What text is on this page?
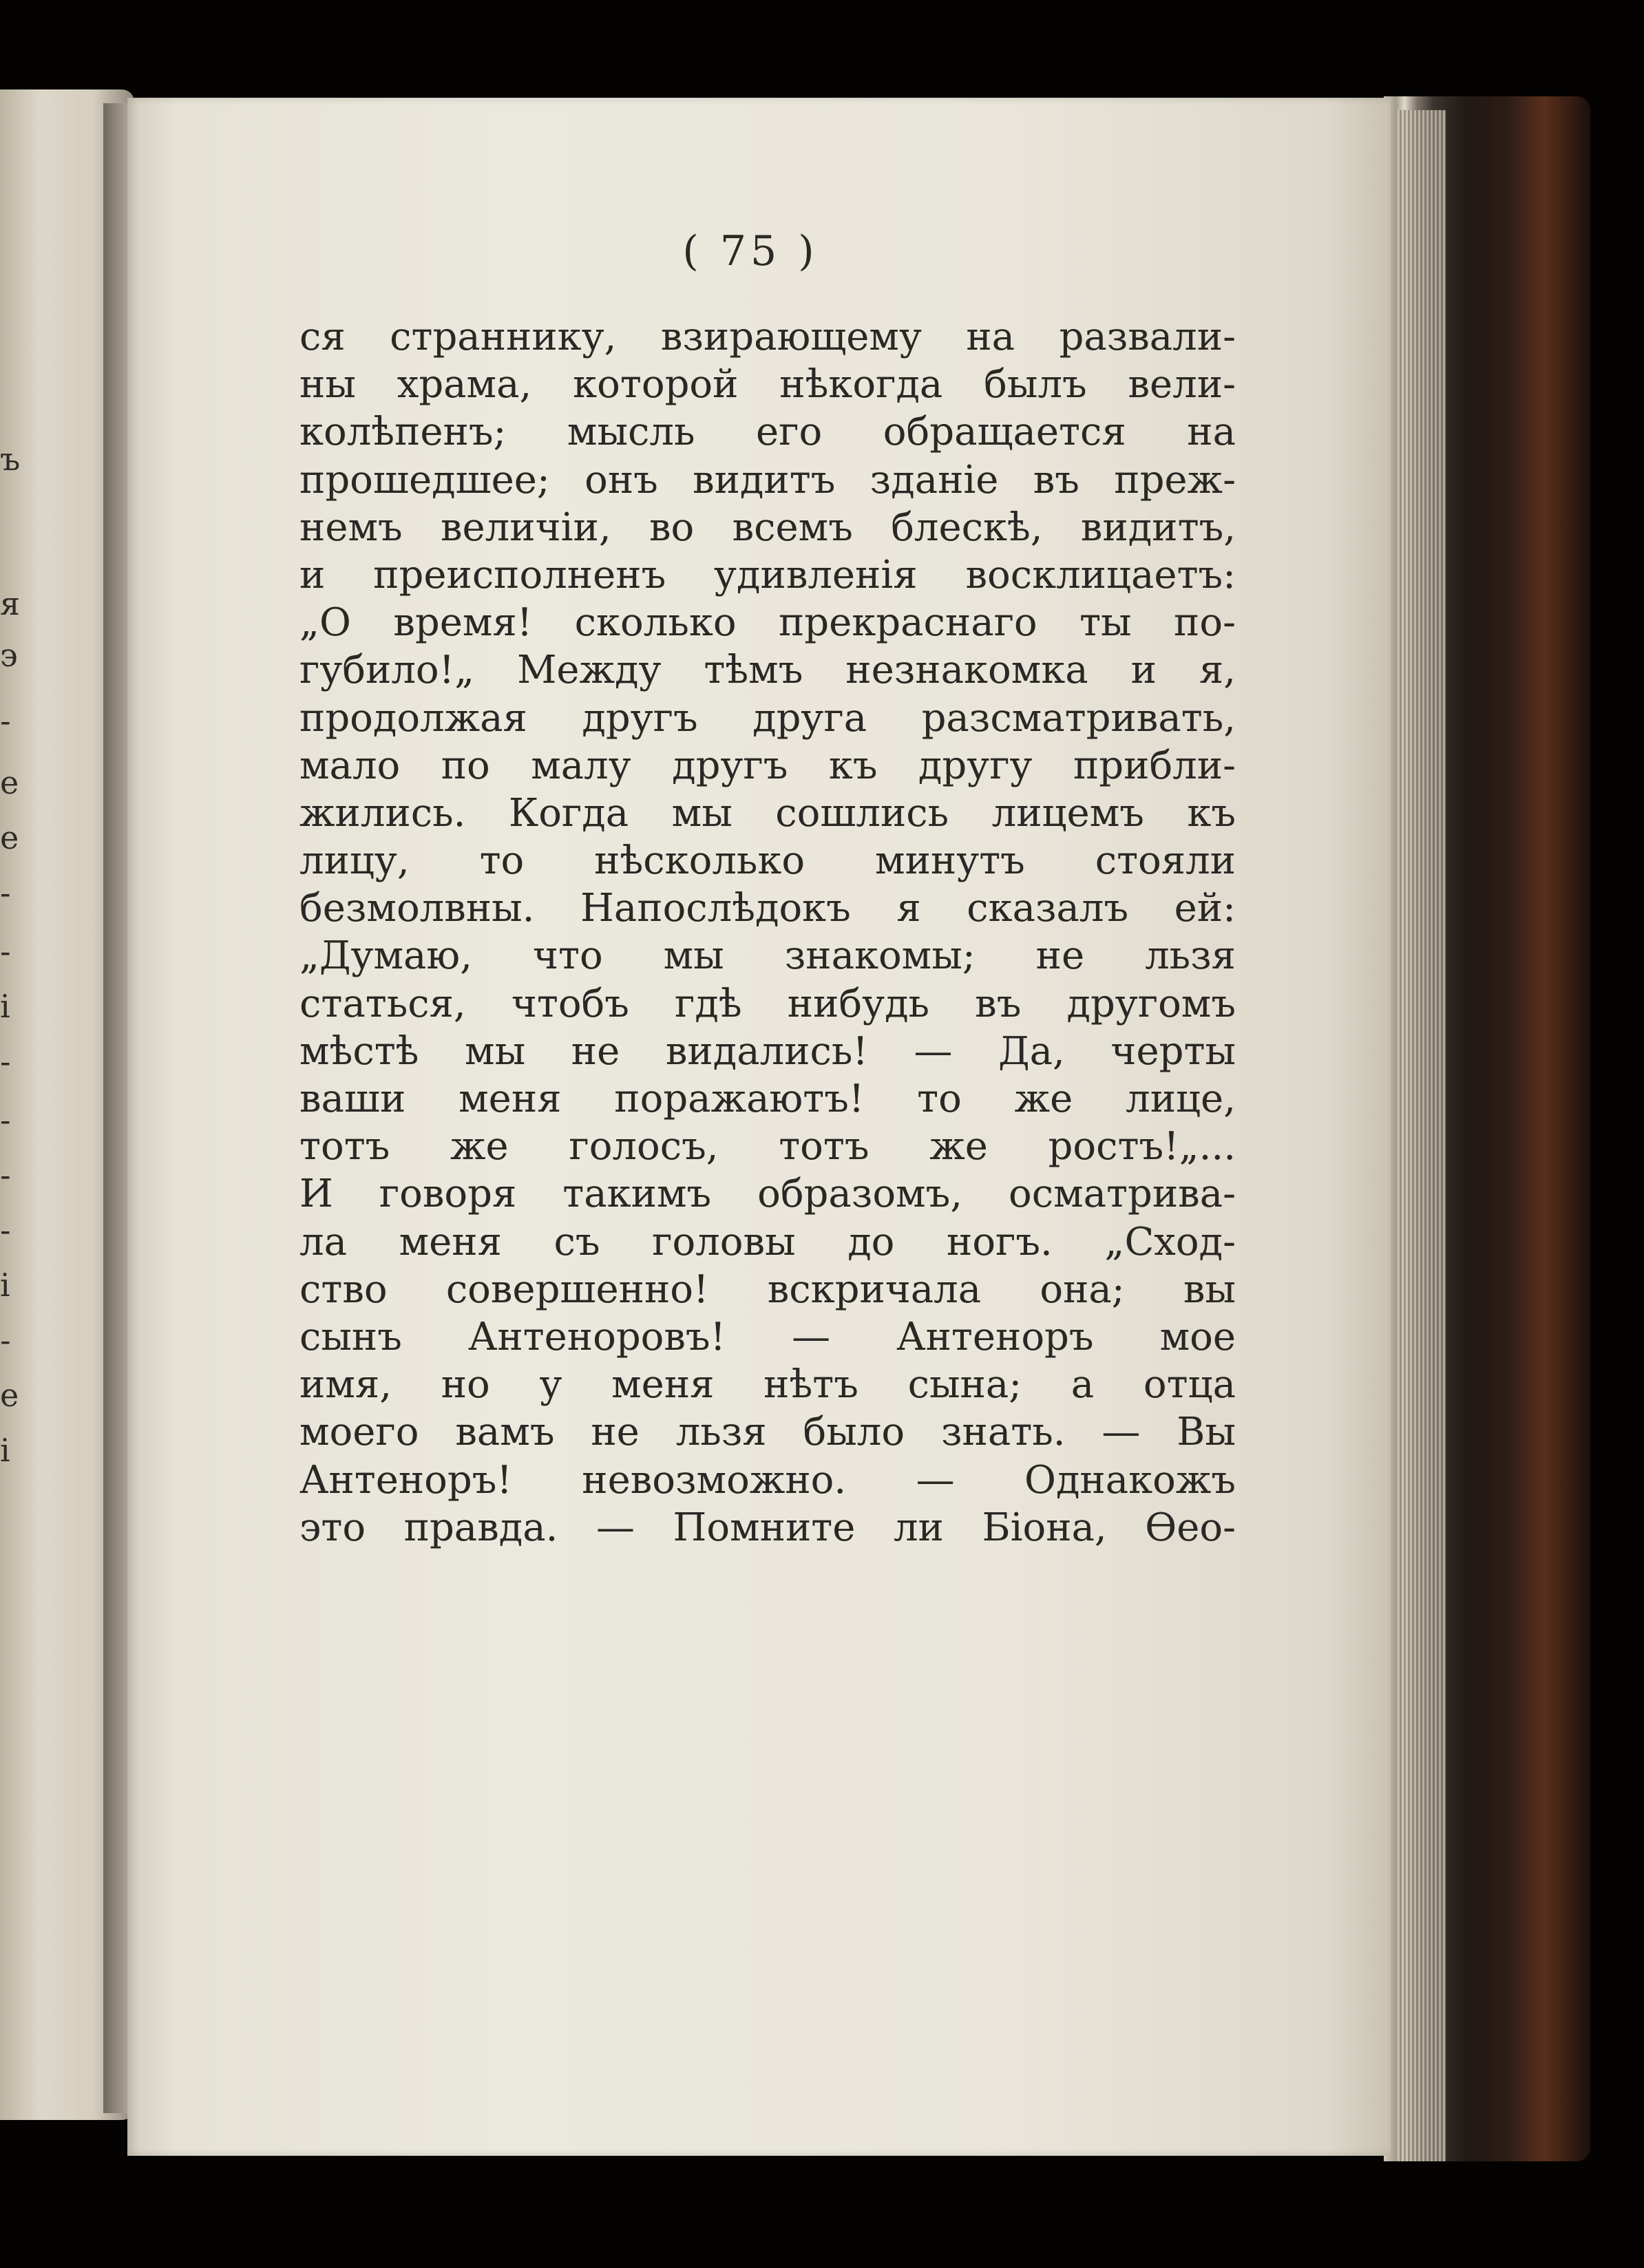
ъ
я
э
-
е
е
-
-
і
-
-
-
-
і
-
е
і
( 75 )
ся страннику, взирающему на развали-
ны храма, которой нѣкогда былъ вели-
колѣпенъ; мысль его обращается на
прошедшее; онъ видитъ зданіе въ преж-
немъ величіи, во всемъ блескѣ, видитъ,
и преисполненъ удивленія восклицаетъ:
„О время! сколько прекраснаго ты по-
губило!„ Между тѣмъ незнакомка и я,
продолжая другъ друга разсматривать,
мало по малу другъ къ другу прибли-
жились. Когда мы сошлись лицемъ къ
лицу, то нѣсколько минутъ стояли
безмолвны. Напослѣдокъ я сказалъ ей:
„Думаю, что мы знакомы; не льзя
статься, чтобъ гдѣ нибудь въ другомъ
мѣстѣ мы не видались! — Да, черты
ваши меня поражаютъ! то же лице,
тотъ же голосъ, тотъ же ростъ!„...
И говоря такимъ образомъ, осматрива-
ла меня съ головы до ногъ. „Сход-
ство совершенно! вскричала она; вы
сынъ Антеноровъ! — Антеноръ мое
имя, но у меня нѣтъ сына; а отца
моего вамъ не льзя было знать. — Вы
Антеноръ! невозможно. — Однакожъ
это правда. — Помните ли Біона, Ѳео-
